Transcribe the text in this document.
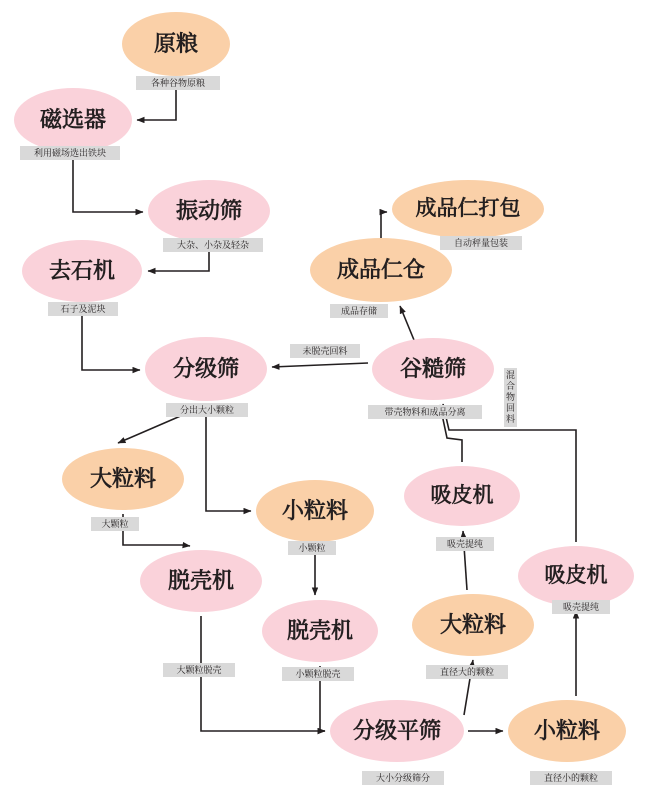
原粮
磁选器
振动筛
去石机
分级筛	谷糙筛
成品仁仓
成品仁打包
大粒料
小粒料
脱壳机
脱壳机
分级平筛	小粒料
大粒料
吸皮机
吸皮机
各种谷物原粮
利用磁场选出铁块
大杂、小杂及轻杂
石子及泥块
分出大小颗粒	带壳物料和成品分离
未脱壳回料
成品存储
自动秤量包装
混合物回料
大颗粒
小颗粒
大颗粒脱壳	小颗粒脱壳
大小分级筛分	直径小的颗粒
直径大的颗粒
吸壳提纯
吸壳提纯
